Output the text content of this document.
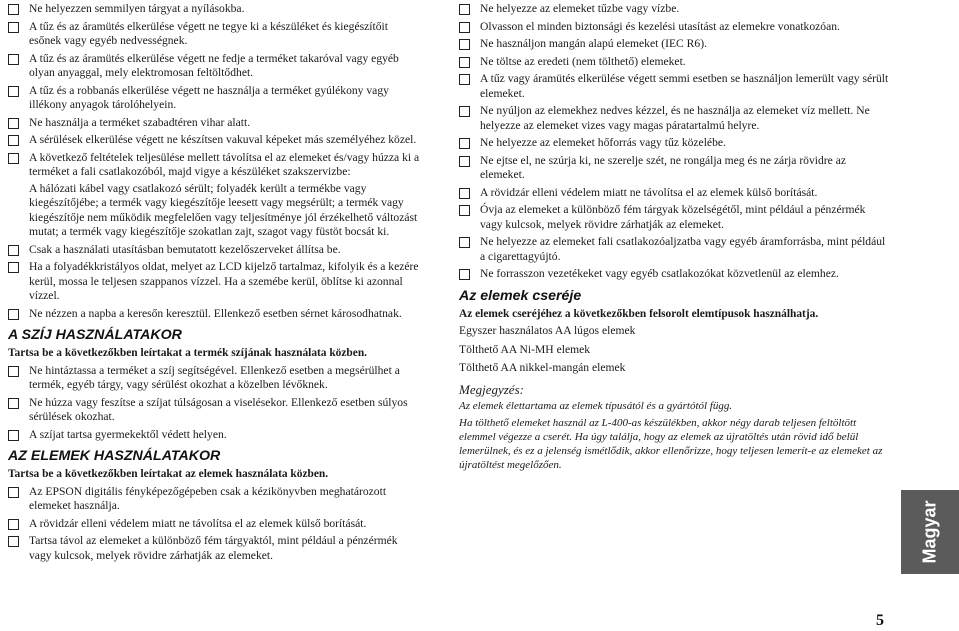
Ne helyezzen semmilyen tárgyat a nyílásokba.
A tűz és az áramütés elkerülése végett ne tegye ki a készüléket és kiegészítőit esőnek vagy egyéb nedvességnek.
A tűz és az áramütés elkerülése végett ne fedje a terméket takaróval vagy egyéb olyan anyaggal, mely elektromosan feltöltődhet.
A tűz és a robbanás elkerülése végett ne használja a terméket gyúlékony vagy illékony anyagok tárolóhelyein.
Ne használja a terméket szabadtéren vihar alatt.
A sérülések elkerülése végett ne készítsen vakuval képeket más személyéhez közel.
A következő feltételek teljesülése mellett távolítsa el az elemeket és/vagy húzza ki a terméket a fali csatlakozóból, majd vigye a készüléket szakszervizbe:
A hálózati kábel vagy csatlakozó sérült; folyadék került a termékbe vagy kiegészítőjébe; a termék vagy kiegészítője leesett vagy megsérült; a termék vagy kiegészítője nem működik megfelelően vagy teljesítménye jól érzékelhető változást mutat; a termék vagy kiegészítője szokatlan zajt, szagot vagy füstöt bocsát ki.
Csak a használati utasításban bemutatott kezelőszerveket állítsa be.
Ha a folyadékkristályos oldat, melyet az LCD kijelző tartalmaz, kifolyik és a kezére kerül, mossa le teljesen szappanos vízzel. Ha a szemébe kerül, öblítse ki azonnal vízzel.
Ne nézzen a napba a keresőn keresztül. Ellenkező esetben sérnet károsodhatnak.
A SZÍJ HASZNÁLATAKOR
Tartsa be a következőkben leírtakat a termék szíjának használata közben.
Ne hintáztassa a terméket a szíj segítségével. Ellenkező esetben a megsérülhet a termék, egyéb tárgy, vagy sérülést okozhat a közelben lévőknek.
Ne húzza vagy feszítse a szíjat túlságosan a viselésekor. Ellenkező esetben súlyos sérülések okozhat.
A szíjat tartsa gyermekektől védett helyen.
AZ ELEMEK HASZNÁLATAKOR
Tartsa be a következőkben leírtakat az elemek használata közben.
Az EPSON digitális fényképezőgépeben csak a kézikönyvben meghatározott elemeket használja.
A rövidzár elleni védelem miatt ne távolítsa el az elemek külső borítását.
Tartsa távol az elemeket a különböző fém tárgyaktól, mint például a pénzérmék vagy kulcsok, melyek rövidre zárhatják az elemeket.
Ne helyezze az elemeket tűzbe vagy vízbe.
Olvasson el minden biztonsági és kezelési utasítást az elemekre vonatkozóan.
Ne használjon mangán alapú elemeket (IEC R6).
Ne töltse az eredeti (nem tölthető) elemeket.
A tűz vagy áramütés elkerülése végett semmi esetben se használjon lemerült vagy sérült elemeket.
Ne nyúljon az elemekhez nedves kézzel, és ne használja az elemeket víz mellett. Ne helyezze az elemeket vizes vagy magas páratartalmú helyre.
Ne helyezze az elemeket hőforrás vagy tűz közelébe.
Ne ejtse el, ne szúrja ki, ne szerelje szét, ne rongálja meg és ne zárja rövidre az elemeket.
A rövidzár elleni védelem miatt ne távolítsa el az elemek külső borítását.
Óvja az elemeket a különböző fém tárgyak közelségétől, mint például a pénzérmék vagy kulcsok, melyek rövidre zárhatják az elemeket.
Ne helyezze az elemeket fali csatlakozóaljzatba vagy egyéb áramforrásba, mint például a cigarettagyújtó.
Ne forrasszon vezetékeket vagy egyéb csatlakozókat közvetlenül az elemhez.
Az elemek cseréje
Az elemek cseréjéhez a következőkben felsorolt elemtípusok használhatja.
Egyszer használatos AA lúgos elemek
Tölthető AA Ni-MH elemek
Tölthető AA nikkel-mangán elemek
Megjegyzés:
Az elemek élettartama az elemek típusától és a gyártótól függ.
Ha tölthető elemeket használ az L-400-as készülékben, akkor négy darab teljesen feltöltött elemmel végezze a cserét. Ha úgy találja, hogy az elemek az újratöltés után rövid idő belül lemerülnek, és ez a jelenség ismétlődik, akkor ellenőrizze, hogy teljesen lemerít-e az elemeket az újratöltést megelőzően.
Magyar
5
